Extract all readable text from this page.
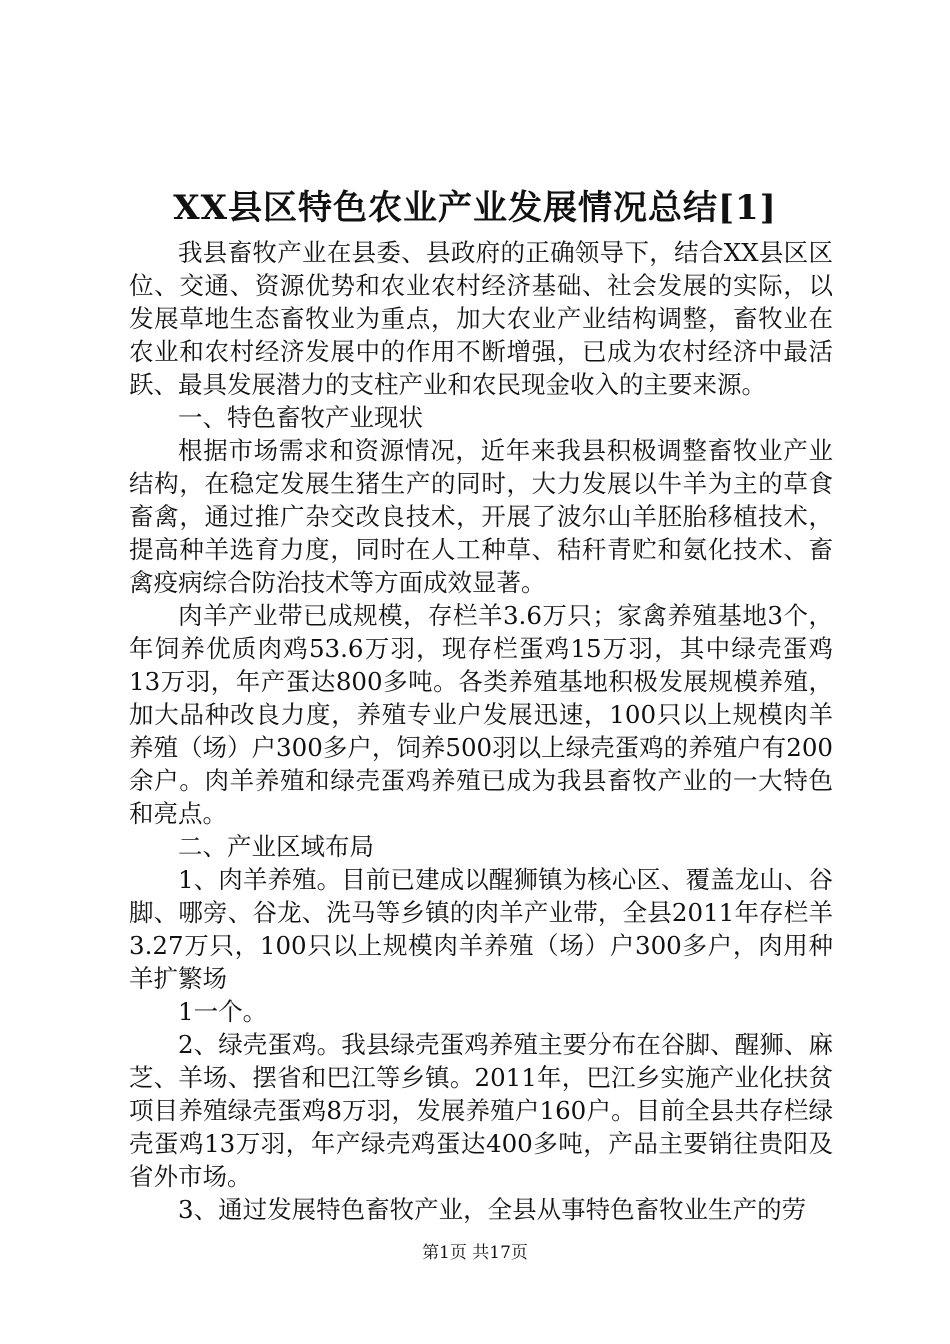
XX县区特色农业产业发展情况总结[1]

我县畜牧产业在县委、县政府的正确领导下，结合XX县区区位、交通、资源优势和农业农村经济基础、社会发展的实际，以发展草地生态畜牧业为重点，加大农业产业结构调整，畜牧业在农业和农村经济发展中的作用不断增强，已成为农村经济中最活跃、最具发展潜力的支柱产业和农民现金收入的主要来源。

一、特色畜牧产业现状

根据市场需求和资源情况，近年来我县积极调整畜牧业产业结构，在稳定发展生猪生产的同时，大力发展以牛羊为主的草食畜禽，通过推广杂交改良技术，开展了波尔山羊胚胎移植技术，提高种羊选育力度，同时在人工种草、秸秆青贮和氨化技术、畜禽疫病综合防治技术等方面成效显著。

肉羊产业带已成规模，存栏羊3.6万只；家禽养殖基地3个，年饲养优质肉鸡53.6万羽，现存栏蛋鸡15万羽，其中绿壳蛋鸡13万羽，年产蛋达800多吨。各类养殖基地积极发展规模养殖，加大品种改良力度，养殖专业户发展迅速，100只以上规模肉羊养殖（场）户300多户，饲养500羽以上绿壳蛋鸡的养殖户有200余户。肉羊养殖和绿壳蛋鸡养殖已成为我县畜牧产业的一大特色和亮点。

二、产业区域布局

1、肉羊养殖。目前已建成以醒狮镇为核心区、覆盖龙山、谷脚、哪旁、谷龙、洗马等乡镇的肉羊产业带，全县2011年存栏羊3.27万只，100只以上规模肉羊养殖（场）户300多户，肉用种羊扩繁场

1一个。

2、绿壳蛋鸡。我县绿壳蛋鸡养殖主要分布在谷脚、醒狮、麻芝、羊场、摆省和巴江等乡镇。2011年，巴江乡实施产业化扶贫项目养殖绿壳蛋鸡8万羽，发展养殖户160户。目前全县共存栏绿壳蛋鸡13万羽，年产绿壳鸡蛋达400多吨，产品主要销往贵阳及省外市场。

3、通过发展特色畜牧产业，全县从事特色畜牧业生产的劳

第1页 共17页
